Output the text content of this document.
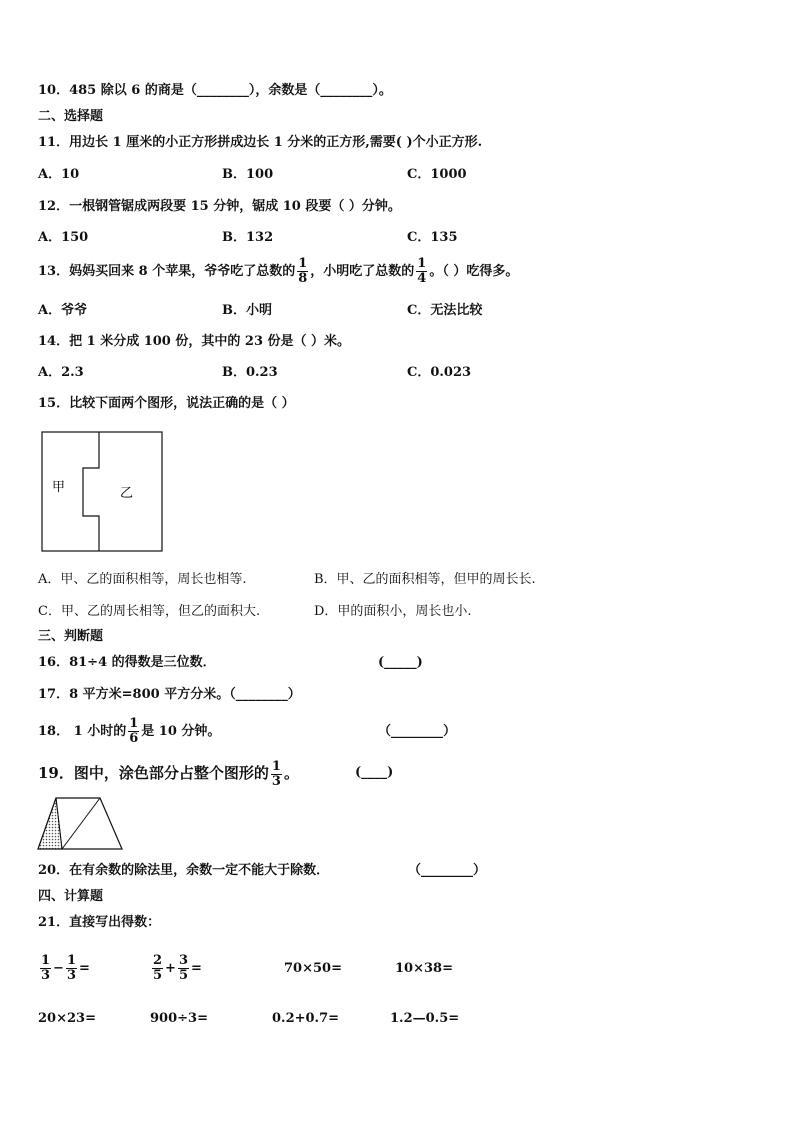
10．485 除以 6 的商是（________），余数是（________）。
二、选择题
11．用边长 1 厘米的小正方形拼成边长 1 分米的正方形,需要( )个小正方形.
A．10	B．100	C．1000
12．一根钢管锯成两段要 15 分钟，锯成 10 段要（ ）分钟。
A．150	B．132	C．135
13．妈妈买回来 8 个苹果，爷爷吃了总数的 $\frac{1}{8}$ ，小明吃了总数的 $\frac{1}{4}$ 。（ ）吃得多。
A．爷爷	B．小明	C．无法比较
14．把 1 米分成 100 份，其中的 23 份是（ ）米。
A．2.3	B．0.23	C．0.023
15．比较下面两个图形，说法正确的是（ ）
甲	乙
A．甲、乙的面积相等，周长也相等.	B．甲、乙的面积相等，但甲的周长长.
C．甲、乙的周长相等，但乙的面积大.	D．甲的面积小，周长也小.
三、判断题
16．81÷4 的得数是三位数．	(_____)
17．8 平方米=800 平方分米。（________）
18． 1 小时的 $\frac{1}{6}$ 是 10 分钟。	（________）
19．图中，涂色部分占整个图形的 $\frac{1}{3}$ 。	(____)
20．在有余数的除法里，余数一定不能大于除数．	（________）
四、计算题
21．直接写出得数：
$\frac{1}{3} - \frac{1}{3}$ =	$\frac{2}{5} + \frac{3}{5}$ =	70×50=	10×38=
20×23=	900÷3=	0.2+0.7=	1.2—0.5=
